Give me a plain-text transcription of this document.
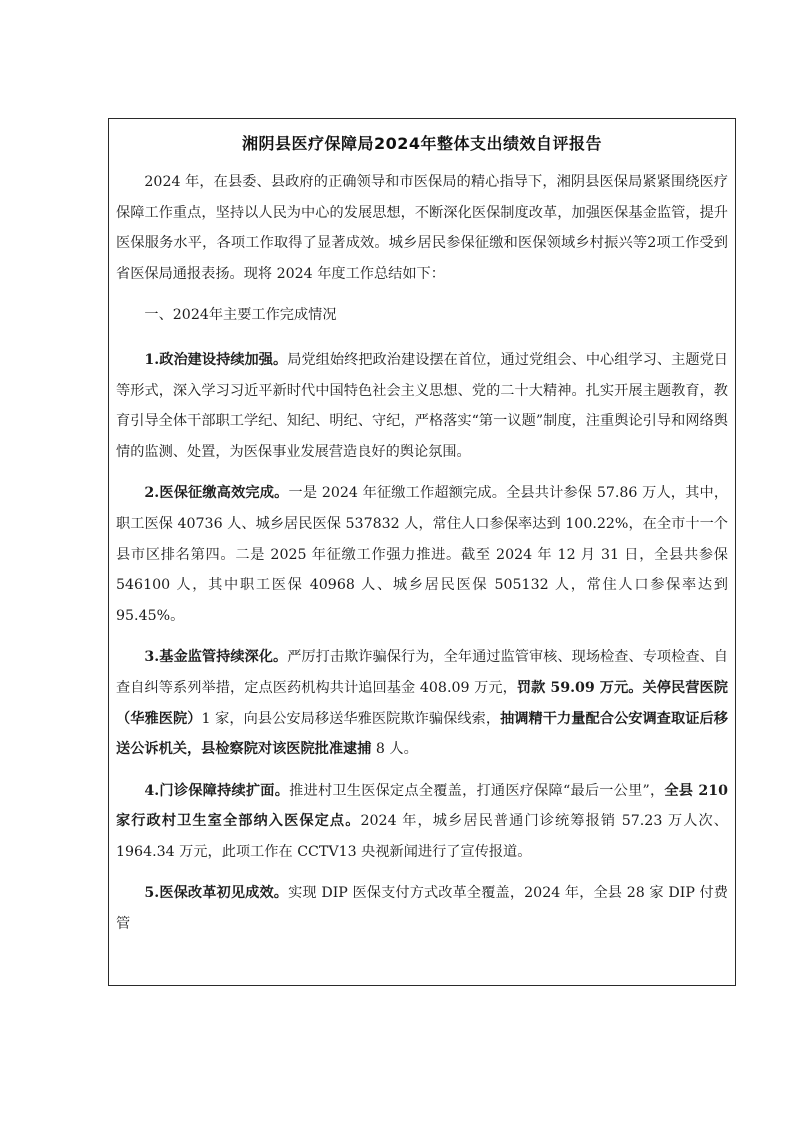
湘阴县医疗保障局2024年整体支出绩效自评报告

2024 年，在县委、县政府的正确领导和市医保局的精心指导下，湘阴县医保局紧紧围绕医疗保障工作重点，坚持以人民为中心的发展思想，不断深化医保制度改革，加强医保基金监管，提升医保服务水平，各项工作取得了显著成效。城乡居民参保征缴和医保领域乡村振兴等2项工作受到省医保局通报表扬。现将 2024 年度工作总结如下：

一、2024年主要工作完成情况

1.政治建设持续加强。局党组始终把政治建设摆在首位，通过党组会、中心组学习、主题党日等形式，深入学习习近平新时代中国特色社会主义思想、党的二十大精神。扎实开展主题教育，教育引导全体干部职工学纪、知纪、明纪、守纪，严格落实“第一议题”制度，注重舆论引导和网络舆情的监测、处置，为医保事业发展营造良好的舆论氛围。

2.医保征缴高效完成。一是 2024 年征缴工作超额完成。全县共计参保 57.86 万人，其中，职工医保 40736 人、城乡居民医保 537832 人，常住人口参保率达到 100.22%，在全市十一个县市区排名第四。二是 2025 年征缴工作强力推进。截至 2024 年 12 月 31 日，全县共参保 546100 人，其中职工医保 40968 人、城乡居民医保 505132 人，常住人口参保率达到 95.45%。

3.基金监管持续深化。严厉打击欺诈骗保行为，全年通过监管审核、现场检查、专项检查、自查自纠等系列举措，定点医药机构共计追回基金 408.09 万元，罚款 59.09 万元。关停民营医院（华雅医院）1 家，向县公安局移送华雅医院欺诈骗保线索，抽调精干力量配合公安调查取证后移送公诉机关，县检察院对该医院批准逮捕 8 人。

4.门诊保障持续扩面。推进村卫生医保定点全覆盖，打通医疗保障“最后一公里”，全县 210 家行政村卫生室全部纳入医保定点。2024 年，城乡居民普通门诊统筹报销 57.23 万人次、1964.34 万元，此项工作在 CCTV13 央视新闻进行了宣传报道。

5.医保改革初见成效。实现 DIP 医保支付方式改革全覆盖，2024 年，全县 28 家 DIP 付费管
